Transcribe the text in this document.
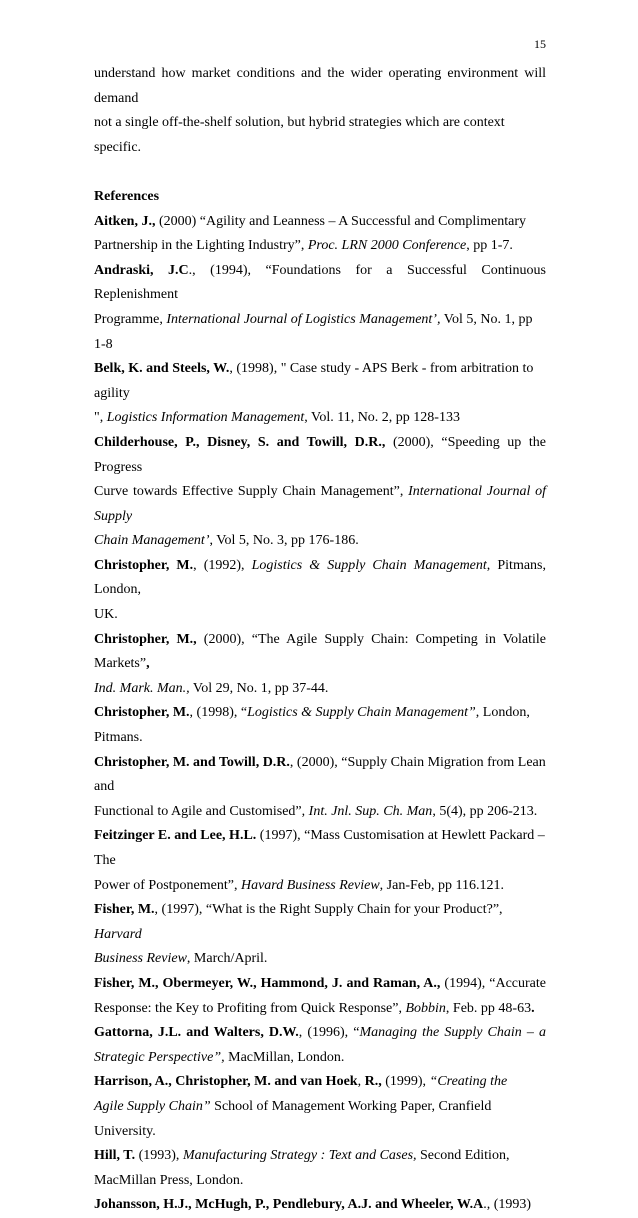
15

understand how market conditions and the wider operating environment will demand

not a single off-the-shelf solution, but hybrid strategies which are context specific.

References

Aitken, J., (2000) “Agility and Leanness – A Successful and Complimentary

Partnership in the Lighting Industry”, Proc. LRN 2000 Conference, pp 1-7.

Andraski, J.C., (1994), “Foundations for a Successful Continuous Replenishment

Programme, International Journal of Logistics Management’, Vol 5, No. 1, pp 1-8

Belk, K. and Steels, W., (1998), " Case study - APS Berk - from arbitration to agility

", Logistics Information Management, Vol. 11, No. 2, pp 128-133

Childerhouse, P., Disney, S. and Towill, D.R., (2000), “Speeding up the Progress

Curve towards Effective Supply Chain Management”, International Journal of Supply

Chain Management’, Vol 5, No. 3, pp 176-186.

Christopher, M., (1992), Logistics & Supply Chain Management, Pitmans, London,

UK.

Christopher, M., (2000), “The Agile Supply Chain: Competing in Volatile Markets”,

Ind. Mark. Man., Vol 29, No. 1, pp 37-44.

Christopher, M., (1998), “Logistics & Supply Chain Management”, London,

Pitmans.

Christopher, M. and Towill, D.R., (2000), “Supply Chain Migration from Lean and

Functional to Agile and Customised”, Int. Jnl. Sup. Ch. Man, 5(4), pp 206-213.

Feitzinger E. and Lee, H.L. (1997), “Mass Customisation at Hewlett Packard – The

Power of Postponement”, Havard Business Review, Jan-Feb, pp 116.121.

Fisher, M., (1997), “What is the Right Supply Chain for your Product?”, Harvard

Business Review, March/April.

Fisher, M., Obermeyer, W., Hammond, J. and Raman, A., (1994), “Accurate

Response: the Key to Profiting from Quick Response”, Bobbin, Feb. pp 48-63.

Gattorna, J.L. and Walters, D.W., (1996), “Managing the Supply Chain – a

Strategic Perspective”, MacMillan, London.

Harrison, A., Christopher, M. and van Hoek, R., (1999), “Creating the

Agile Supply Chain” School of Management Working Paper, Cranfield University.

Hill, T. (1993), Manufacturing Strategy : Text and Cases, Second Edition,

MacMillan Press, London.

Johansson, H.J., McHugh, P., Pendlebury, A.J. and Wheeler, W.A., (1993)
